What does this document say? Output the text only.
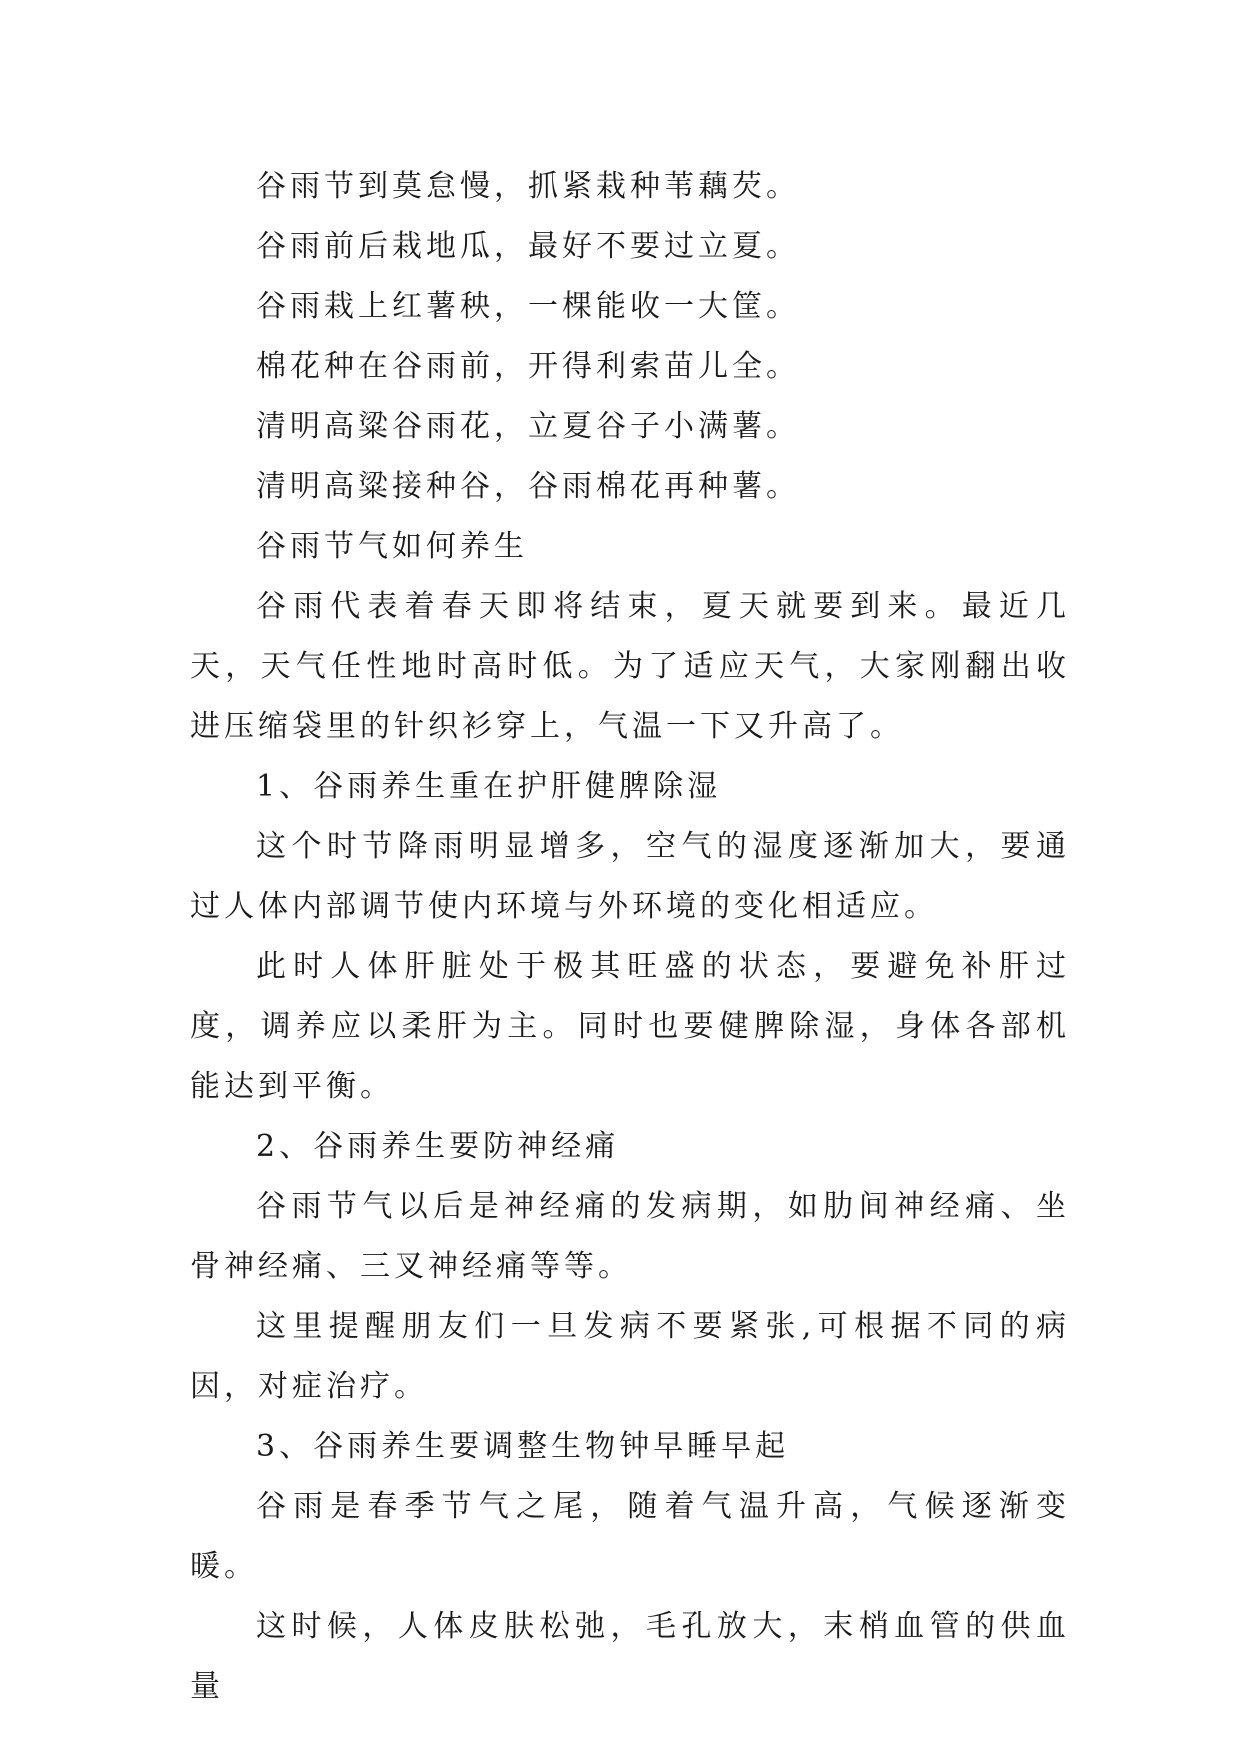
谷雨节到莫怠慢，抓紧栽种苇藕芡。

谷雨前后栽地瓜，最好不要过立夏。

谷雨栽上红薯秧，一棵能收一大筐。

棉花种在谷雨前，开得利索苗儿全。

清明高粱谷雨花，立夏谷子小满薯。

清明高粱接种谷，谷雨棉花再种薯。

谷雨节气如何养生

谷雨代表着春天即将结束，夏天就要到来。最近几天，天气任性地时高时低。为了适应天气，大家刚翻出收进压缩袋里的针织衫穿上，气温一下又升高了。

1、谷雨养生重在护肝健脾除湿

这个时节降雨明显增多，空气的湿度逐渐加大，要通过人体内部调节使内环境与外环境的变化相适应。

此时人体肝脏处于极其旺盛的状态，要避免补肝过度，调养应以柔肝为主。同时也要健脾除湿，身体各部机能达到平衡。

2、谷雨养生要防神经痛

谷雨节气以后是神经痛的发病期，如肋间神经痛、坐骨神经痛、三叉神经痛等等。

这里提醒朋友们一旦发病不要紧张,可根据不同的病因，对症治疗。

3、谷雨养生要调整生物钟早睡早起

谷雨是春季节气之尾，随着气温升高，气候逐渐变暖。

这时候，人体皮肤松弛，毛孔放大，末梢血管的供血量
